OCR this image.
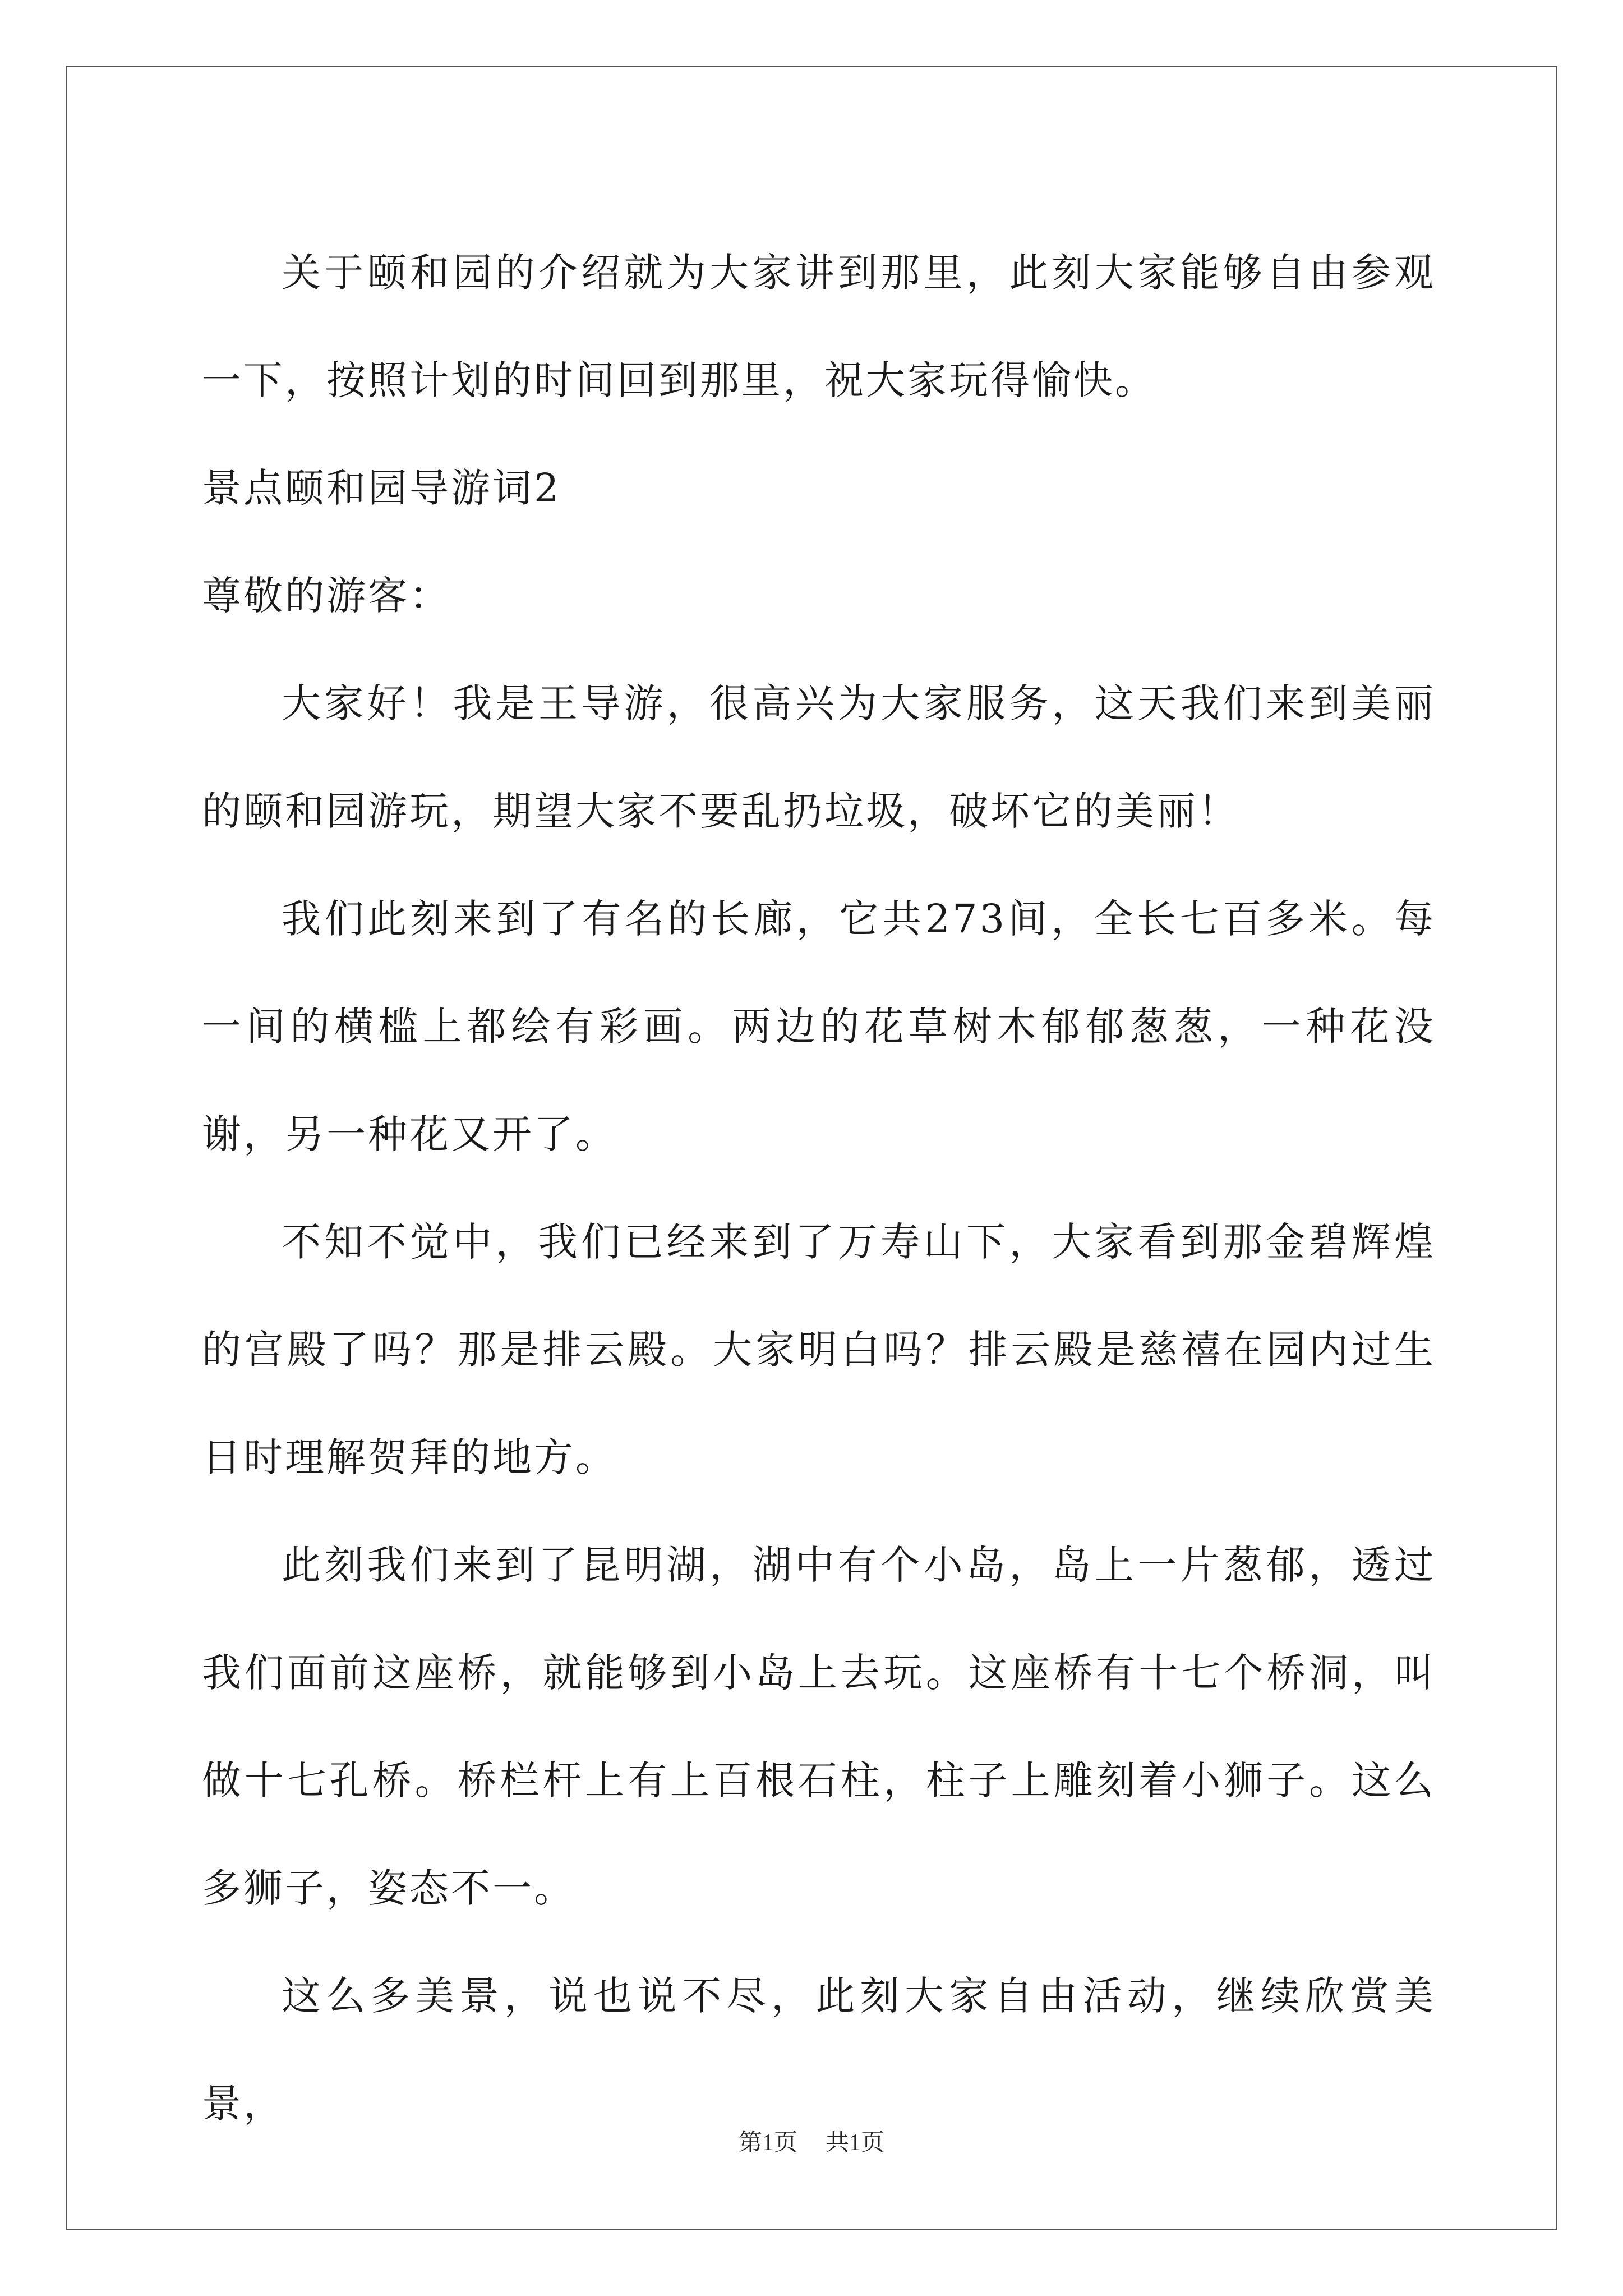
关于颐和园的介绍就为大家讲到那里，此刻大家能够自由参观一下，按照计划的时间回到那里，祝大家玩得愉快。

景点颐和园导游词2

尊敬的游客：

大家好！我是王导游，很高兴为大家服务，这天我们来到美丽的颐和园游玩，期望大家不要乱扔垃圾，破坏它的美丽！

我们此刻来到了有名的长廊，它共273间，全长七百多米。每一间的横槛上都绘有彩画。两边的花草树木郁郁葱葱，一种花没谢，另一种花又开了。

不知不觉中，我们已经来到了万寿山下，大家看到那金碧辉煌的宫殿了吗？那是排云殿。大家明白吗？排云殿是慈禧在园内过生日时理解贺拜的地方。

此刻我们来到了昆明湖，湖中有个小岛，岛上一片葱郁，透过我们面前这座桥，就能够到小岛上去玩。这座桥有十七个桥洞，叫做十七孔桥。桥栏杆上有上百根石柱，柱子上雕刻着小狮子。这么多狮子，姿态不一。

这么多美景，说也说不尽，此刻大家自由活动，继续欣赏美景，

第1页 共1页
